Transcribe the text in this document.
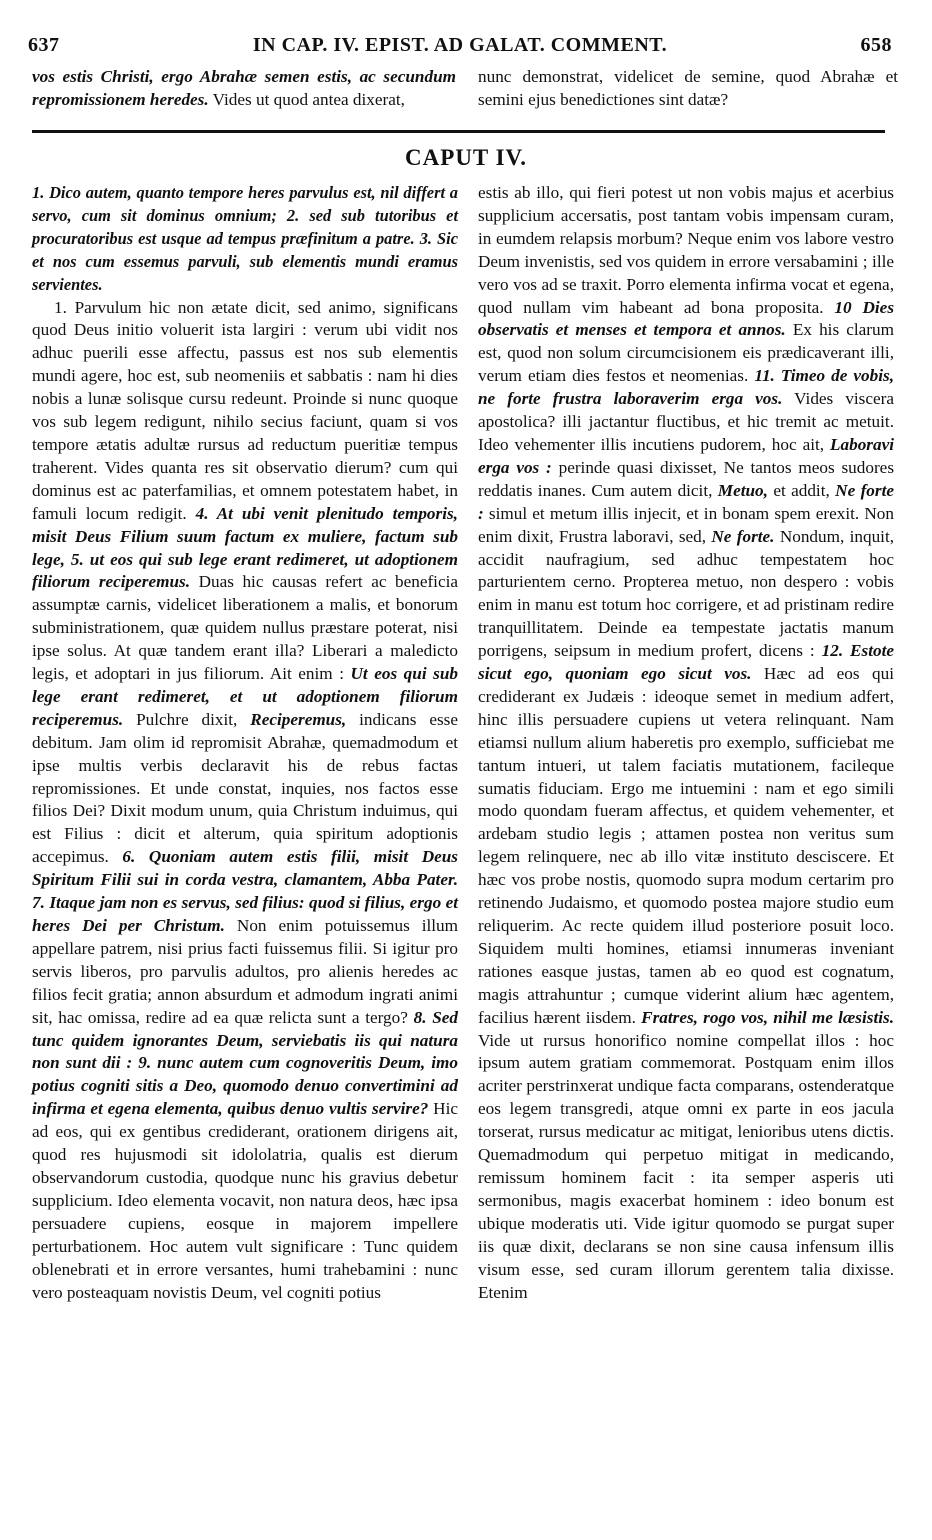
637	IN CAP. IV. EPIST. AD GALAT. COMMENT.	658
vos estis Christi, ergo Abrahæ semen estis, ac secundum repromissionem heredes. Vides ut quod antea dixerat,
nunc demonstrat, videlicet de semine, quod Abrahæ et semini ejus benedictiones sint datæ?
CAPUT IV.

1. Dico autem, quanto tempore heres parvulus est, nil differt a servo, cum sit dominus omnium; 2. sed sub tutoribus et procuratoribus est usque ad tempus præfinitum a patre. 3. Sic et nos cum essemus parvuli, sub elementis mundi eramus servientes.

1. Parvulum hic non ætate dicit, sed animo, significans quod Deus initio voluerit ista largiri : verum ubi vidit nos adhuc puerili esse affectu, passus est nos sub elementis mundi agere, hoc est, sub neomeniis et sabbatis : nam hi dies nobis a lunæ solisque cursu redeunt. Proinde si nunc quoque vos sub legem redigunt, nihilo secius faciunt, quam si vos tempore ætatis adultæ rursus ad reductum pueritiæ tempus traherent. Vides quanta res sit observatio dierum? cum qui dominus est ac paterfamilias, et omnem potestatem habet, in famuli locum redigit. 4. At ubi venit plenitudo temporis, misit Deus Filium suum factum ex muliere, factum sub lege, 5. ut eos qui sub lege erant redimeret, ut adoptionem filiorum reciperemus. Duas hic causas refert ac beneficia assumptæ carnis, videlicet liberationem a malis, et bonorum subministrationem, quæ quidem nullus præstare poterat, nisi ipse solus. At quæ tandem erant illa? Liberari a maledicto legis, et adoptari in jus filiorum. Ait enim : Ut eos qui sub lege erant redimeret, et ut adoptionem filiorum reciperemus. Pulchre dixit, Reciperemus, indicans esse debitum. Jam olim id repromisit Abrahæ, quemadmodum et ipse multis verbis declaravit his de rebus factas repromissiones. Et unde constat, inquies, nos factos esse filios Dei? Dixit modum unum, quia Christum induimus, qui est Filius : dicit et alterum, quia spiritum adoptionis accepimus. 6. Quoniam autem estis filii, misit Deus Spiritum Filii sui in corda vestra, clamantem, Abba Pater. 7. Itaque jam non es servus, sed filius: quod si filius, ergo et heres Dei per Christum. Non enim potuissemus illum appellare patrem, nisi prius facti fuissemus filii. Si igitur pro servis liberos, pro parvulis adultos, pro alienis heredes ac filios fecit gratia; annon absurdum et admodum ingrati animi sit, hac omissa, redire ad ea quæ relicta sunt a tergo? 8. Sed tunc quidem ignorantes Deum, serviebatis iis qui natura non sunt dii : 9. nunc autem cum cognoveritis Deum, imo potius cogniti sitis a Deo, quomodo denuo convertimini ad infirma et egena elementa, quibus denuo vultis servire? Hic ad eos, qui ex gentibus crediderant, orationem dirigens ait, quod res hujusmodi sit idololatria, qualis est dierum observandorum custodia, quodque nunc his gravius debetur supplicium. Ideo elementa vocavit, non natura deos, hæc ipsa persuadere cupiens, eosque in majorem impellere perturbationem. Hoc autem vult significare : Tunc quidem oblenebrati et in errore versantes, humi trahebamini : nunc vero posteaquam novistis Deum, vel cogniti potius

estis ab illo, qui fieri potest ut non vobis majus et acerbius supplicium accersatis, post tantam vobis impensam curam, in eumdem relapsis morbum? Neque enim vos labore vestro Deum invenistis, sed vos quidem in errore versabamini ; ille vero vos ad se traxit. Porro elementa infirma vocat et egena, quod nullam vim habeant ad bona proposita. 10 Dies observatis et menses et tempora et annos. Ex his clarum est, quod non solum circumcisionem eis prædicaverant illi, verum etiam dies festos et neomenias. 11. Timeo de vobis, ne forte frustra laboraverim erga vos. Vides viscera apostolica? illi jactantur fluctibus, et hic tremit ac metuit. Ideo vehementer illis incutiens pudorem, hoc ait, Laboravi erga vos : perinde quasi dixisset, Ne tantos meos sudores reddatis inanes. Cum autem dicit, Metuo, et addit, Ne forte : simul et metum illis injecit, et in bonam spem erexit. Non enim dixit, Frustra laboravi, sed, Ne forte. Nondum, inquit, accidit naufragium, sed adhuc tempestatem hoc parturientem cerno. Propterea metuo, non despero : vobis enim in manu est totum hoc corrigere, et ad pristinam redire tranquillitatem. Deinde ea tempestate jactatis manum porrigens, seipsum in medium profert, dicens : 12. Estote sicut ego, quoniam ego sicut vos. Hæc ad eos qui crediderant ex Judæis : ideoque semet in medium adfert, hinc illis persuadere cupiens ut vetera relinquant. Nam etiamsi nullum alium haberetis pro exemplo, sufficiebat me tantum intueri, ut talem faciatis mutationem, facileque sumatis fiduciam. Ergo me intuemini : nam et ego simili modo quondam fueram affectus, et quidem vehementer, et ardebam studio legis ; attamen postea non veritus sum legem relinquere, nec ab illo vitæ instituto desciscere. Et hæc vos probe nostis, quomodo supra modum certarim pro retinendo Judaismo, et quomodo postea majore studio eum reliquerim. Ac recte quidem illud posteriore posuit loco. Siquidem multi homines, etiamsi innumeras inveniant rationes easque justas, tamen ab eo quod est cognatum, magis attrahuntur ; cumque viderint alium hæc agentem, facilius hærent iisdem. Fratres, rogo vos, nihil me læsistis. Vide ut rursus honorifico nomine compellat illos : hoc ipsum autem gratiam commemorat. Postquam enim illos acriter perstrinxerat undique facta comparans, ostenderatque eos legem transgredi, atque omni ex parte in eos jacula torserat, rursus medicatur ac mitigat, lenioribus utens dictis. Quemadmodum qui perpetuo mitigat in medicando, remissum hominem facit : ita semper asperis uti sermonibus, magis exacerbat hominem : ideo bonum est ubique moderatis uti. Vide igitur quomodo se purgat super iis quæ dixit, declarans se non sine causa infensum illis visum esse, sed curam illorum gerentem talia dixisse. Etenim
